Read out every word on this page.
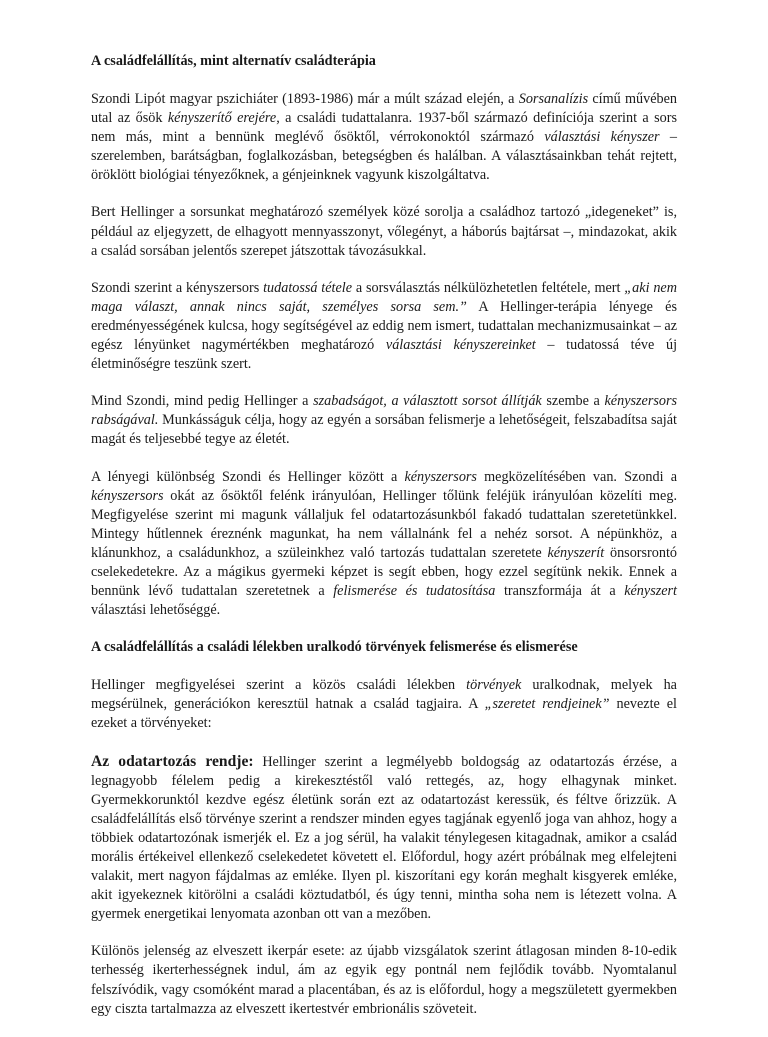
A családfelállítás, mint alternatív családterápia

Szondi Lipót magyar pszichiáter (1893-1986) már a múlt század elején, a Sorsanalízis című művében utal az ősök kényszerítő erejére, a családi tudattalanra. 1937-ből származó definíciója szerint a sors nem más, mint a bennünk meglévő ősöktől, vérrokonoktól származó választási kényszer – szerelemben, barátságban, foglalkozásban, betegségben és halálban. A választásainkban tehát rejtett, öröklött biológiai tényezőknek, a génjeinknek vagyunk kiszolgáltatva.

Bert Hellinger a sorsunkat meghatározó személyek közé sorolja a családhoz tartozó „idegeneket” is, például az eljegyzett, de elhagyott mennyasszonyt, vőlegényt, a háborús bajtársat –, mindazokat, akik a család sorsában jelentős szerepet játszottak távozásukkal.

Szondi szerint a kényszersors tudatossá tétele a sorsválasztás nélkülözhetetlen feltétele, mert „aki nem maga választ, annak nincs saját, személyes sorsa sem.” A Hellinger-terápia lényege és eredményességének kulcsa, hogy segítségével az eddig nem ismert, tudattalan mechanizmusainkat – az egész lényünket nagymértékben meghatározó választási kényszereinket – tudatossá téve új életminőségre teszünk szert.

Mind Szondi, mind pedig Hellinger a szabadságot, a választott sorsot állítják szembe a kényszersors rabságával. Munkásságuk célja, hogy az egyén a sorsában felismerje a lehetőségeit, felszabadítsa saját magát és teljesebbé tegye az életét.

A lényegi különbség Szondi és Hellinger között a kényszersors megközelítésében van. Szondi a kényszersors okát az ősöktől felénk irányulóan, Hellinger tőlünk feléjük irányulóan közelíti meg. Megfigyelése szerint mi magunk vállaljuk fel odatartozásunkból fakadó tudattalan szeretetünkkel. Mintegy hűtlennek éreznénk magunkat, ha nem vállalnánk fel a nehéz sorsot. A népünkhöz, a klánunkhoz, a családunkhoz, a szüleinkhez való tartozás tudattalan szeretete kényszerít önsorsrontó cselekedetekre. Az a mágikus gyermeki képzet is segít ebben, hogy ezzel segítünk nekik. Ennek a bennünk lévő tudattalan szeretetnek a felismerése és tudatosítása transzformája át a kényszert választási lehetőséggé.

A családfelállítás a családi lélekben uralkodó törvények felismerése és elismerése

Hellinger megfigyelései szerint a közös családi lélekben törvények uralkodnak, melyek ha megsérülnek, generációkon keresztül hatnak a család tagjaira. A „szeretet rendjeinek” nevezte el ezeket a törvényeket:

Az odatartozás rendje: Hellinger szerint a legmélyebb boldogság az odatartozás érzése, a legnagyobb félelem pedig a kirekesztéstől való rettegés, az, hogy elhagynak minket. Gyermekkorunktól kezdve egész életünk során ezt az odatartozást keressük, és féltve őrizzük. A családfelállítás első törvénye szerint a rendszer minden egyes tagjának egyenlő joga van ahhoz, hogy a többiek odatartozónak ismerjék el. Ez a jog sérül, ha valakit ténylegesen kitagadnak, amikor a család morális értékeivel ellenkező cselekedetet követett el. Előfordul, hogy azért próbálnak meg elfelejteni valakit, mert nagyon fájdalmas az emléke. Ilyen pl. kiszorítani egy korán meghalt kisgyerek emléke, akit igyekeznek kitörölni a családi köztudatból, és úgy tenni, mintha soha nem is létezett volna. A gyermek energetikai lenyomata azonban ott van a mezőben.

Különös jelenség az elveszett ikerpár esete: az újabb vizsgálatok szerint átlagosan minden 8-10-edik terhesség ikerterhességnek indul, ám az egyik egy pontnál nem fejlődik tovább. Nyomtalanul felszívódik, vagy csomóként marad a placentában, és az is előfordul, hogy a megszületett gyermekben egy ciszta tartalmazza az elveszett ikertestvér embrionális szöveteit.
